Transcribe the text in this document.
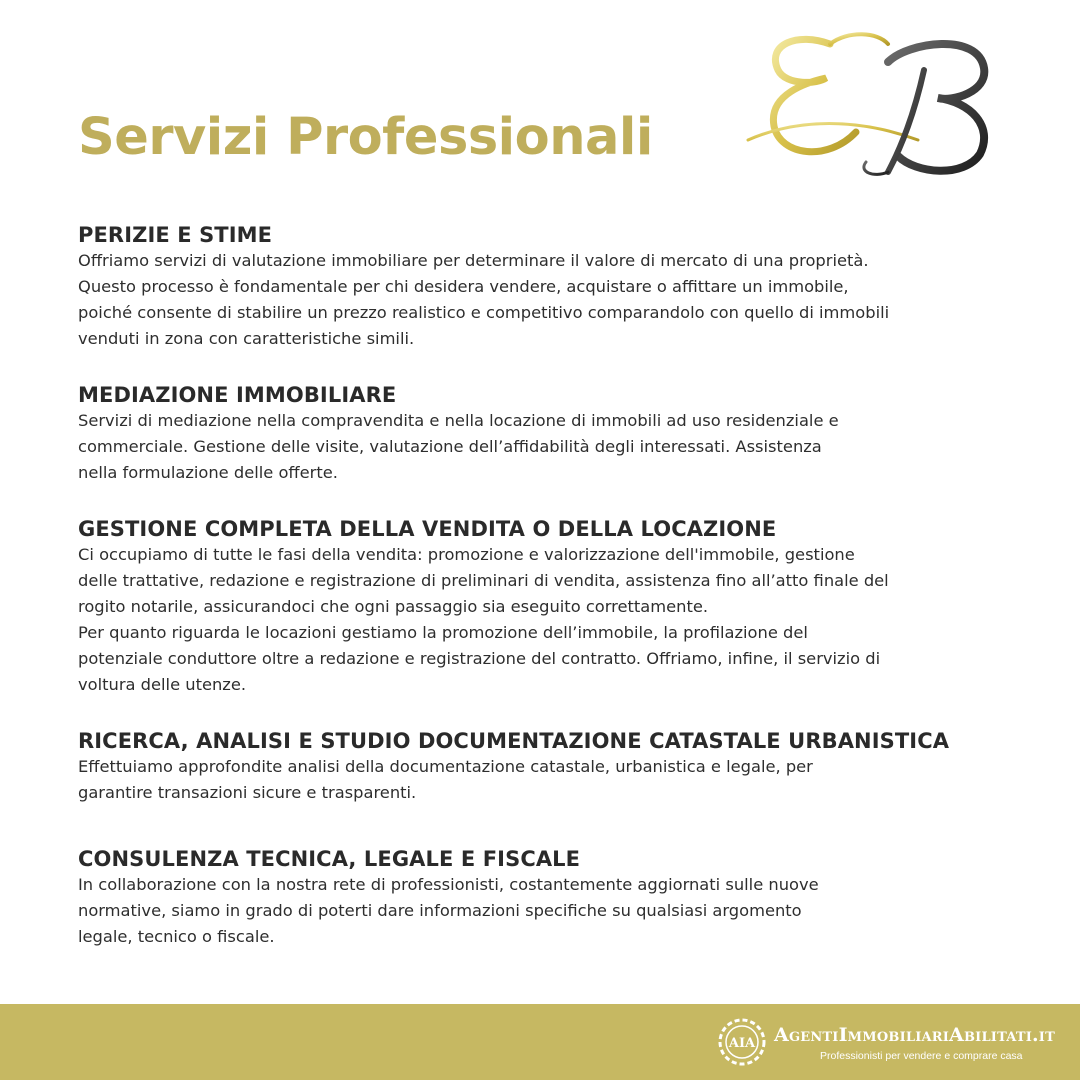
Servizi Professionali
PERIZIE E STIME

Offriamo servizi di valutazione immobiliare per determinare il valore di mercato di una proprietà.

Questo processo è fondamentale per chi desidera vendere, acquistare o affittare un immobile,

poiché consente di stabilire un prezzo realistico e competitivo comparandolo con quello di immobili

venduti in zona con caratteristiche simili.

MEDIAZIONE IMMOBILIARE

Servizi di mediazione nella compravendita e nella locazione di immobili ad uso residenziale e

commerciale. Gestione delle visite, valutazione dell’affidabilità degli interessati. Assistenza

nella formulazione delle offerte.

GESTIONE COMPLETA DELLA VENDITA O DELLA LOCAZIONE

Ci occupiamo di tutte le fasi della vendita: promozione e valorizzazione dell'immobile, gestione

delle trattative, redazione e registrazione di preliminari di vendita, assistenza fino all’atto finale del

rogito notarile, assicurandoci che ogni passaggio sia eseguito correttamente.

Per quanto riguarda le locazioni gestiamo la promozione dell’immobile, la profilazione del

potenziale conduttore oltre a redazione e registrazione del contratto. Offriamo, infine, il servizio di

voltura delle utenze.

RICERCA, ANALISI E STUDIO DOCUMENTAZIONE CATASTALE URBANISTICA

Effettuiamo approfondite analisi della documentazione catastale, urbanistica e legale, per

garantire transazioni sicure e trasparenti.

CONSULENZA TECNICA, LEGALE E FISCALE

In collaborazione con la nostra rete di professionisti, costantemente aggiornati sulle nuove

normative, siamo in grado di poterti dare informazioni specifiche su qualsiasi argomento

legale, tecnico o fiscale.

AIA AgentiImmobiliariAbilitati.it
Professionisti per vendere e comprare casa
